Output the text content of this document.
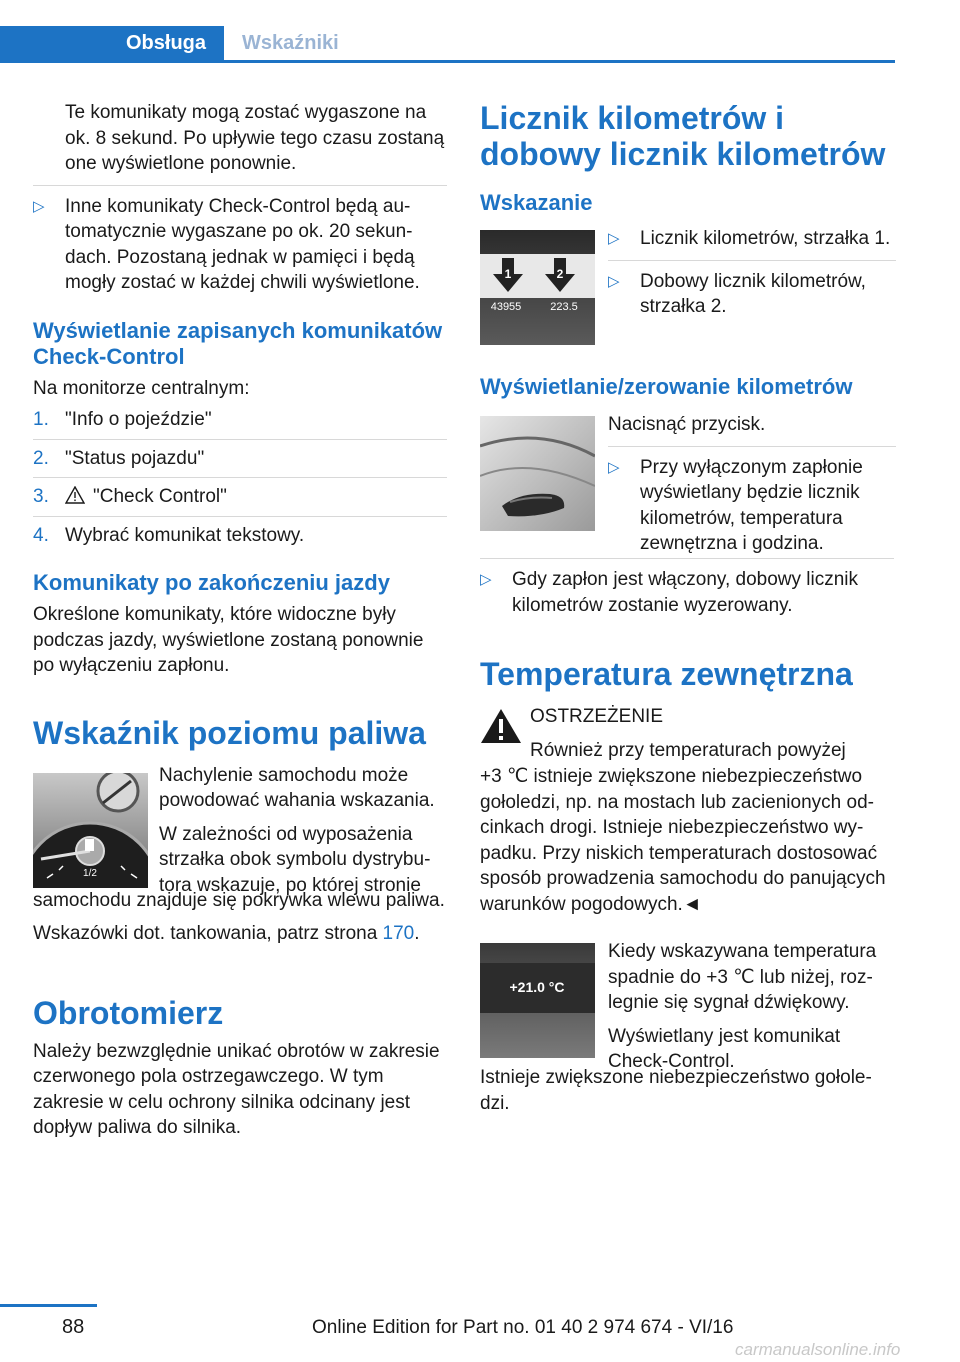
Obsługa	Wskaźniki

Te komunikaty mogą zostać wygaszone na ok. 8 sekund. Po upływie tego czasu zostaną one wyświetlone ponownie.

▷ Inne komunikaty Check-Control będą automatycznie wygaszane po ok. 20 sekundach. Pozostaną jednak w pamięci i będą mogły zostać w każdej chwili wyświetlone.
Wyświetlanie zapisanych komunikatów Check-Control

Na monitorze centralnym:

1. "Info o pojeździe"
2. "Status pojazdu"
3. "Check Control"
4. Wybrać komunikat tekstowy.
Komunikaty po zakończeniu jazdy

Określone komunikaty, które widoczne były podczas jazdy, wyświetlone zostaną ponownie po wyłączeniu zapłonu.

Wskaźnik poziomu paliwa
1/2

Nachylenie samochodu może powodować wahania wskazania.

W zależności od wyposażenia strzałka obok symbolu dystrybutora wskazuje, po której stronie

samochodu znajduje się pokrywka wlewu paliwa.

Wskazówki dot. tankowania, patrz strona 170.

Obrotomierz

Należy bezwzględnie unikać obrotów w zakresie czerwonego pola ostrzegawczego. W tym zakresie w celu ochrony silnika odcinany jest dopływ paliwa do silnika.

Licznik kilometrów i dobowy licznik kilometrów
Wskazanie
1	2
43955	223.5
▷ Licznik kilometrów, strzałka 1.
▷ Dobowy licznik kilometrów, strzałka 2.
Wyświetlanie/zerowanie kilometrów

Nacisnąć przycisk.

▷ Przy wyłączonym zapłonie wyświetlany będzie licznik kilometrów, temperatura zewnętrzna i godzina.
▷ Gdy zapłon jest włączony, dobowy licznik kilometrów zostanie wyzerowany.
Temperatura zewnętrzna

OSTRZEŻENIE

Również przy temperaturach powyżej

+3 ℃ istnieje zwiększone niebezpieczeństwo gołoledzi, np. na mostach lub zacienionych odcinkach drogi. Istnieje niebezpieczeństwo wypadku. Przy niskich temperaturach dostosować sposób prowadzenia samochodu do panujących warunków pogodowych.◄

+21.0 °C

Kiedy wskazywana temperatura spadnie do +3 ℃ lub niżej, rozlegnie się sygnał dźwiękowy.

Wyświetlany jest komunikat Check-Control.

Istnieje zwiększone niebezpieczeństwo gołoledzi.

88	Online Edition for Part no. 01 40 2 974 674 - VI/16
carmanualsonline.info
